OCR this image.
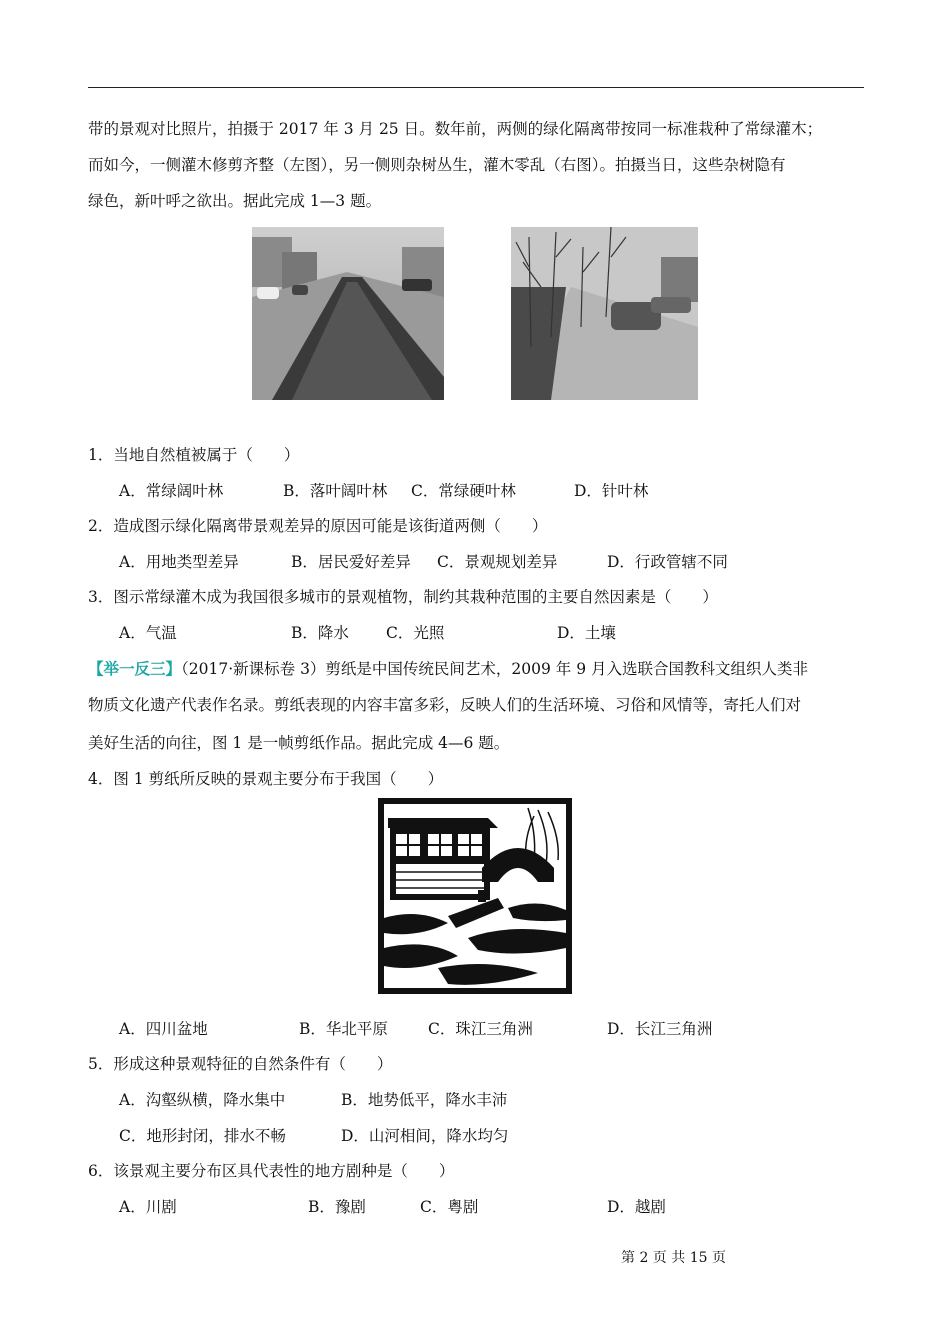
带的景观对比照片，拍摄于 2017 年 3 月 25 日。数年前，两侧的绿化隔离带按同一标准栽种了常绿灌木；
而如今，一侧灌木修剪齐整（左图），另一侧则杂树丛生，灌木零乱（右图）。拍摄当日，这些杂树隐有
绿色，新叶呼之欲出。据此完成 1—3 题。
1．当地自然植被属于（　　）
A．常绿阔叶林	B．落叶阔叶林 C．常绿硬叶林	D．针叶林
2．造成图示绿化隔离带景观差异的原因可能是该街道两侧（　　）
A．用地类型差异	B．居民爱好差异 C．景观规划差异	D．行政管辖不同
3．图示常绿灌木成为我国很多城市的景观植物，制约其栽种范围的主要自然因素是（　　）
A．气温	B．降水 C．光照	D．土壤
【举一反三】（2017·新课标卷 3）剪纸是中国传统民间艺术，2009 年 9 月入选联合国教科文组织人类非
物质文化遗产代表作名录。剪纸表现的内容丰富多彩，反映人们的生活环境、习俗和风情等，寄托人们对
美好生活的向往，图 1 是一帧剪纸作品。据此完成 4—6 题。
4．图 1 剪纸所反映的景观主要分布于我国（　　）
A．四川盆地	B．华北平原	C．珠江三角洲	D．长江三角洲
5．形成这种景观特征的自然条件有（　　）
A．沟壑纵横，降水集中	B．地势低平，降水丰沛
C．地形封闭，排水不畅	D．山河相间，降水均匀
6．该景观主要分布区具代表性的地方剧种是（　　）
A．川剧	B．豫剧	C．粤剧	D．越剧
第 2 页 共 15 页
